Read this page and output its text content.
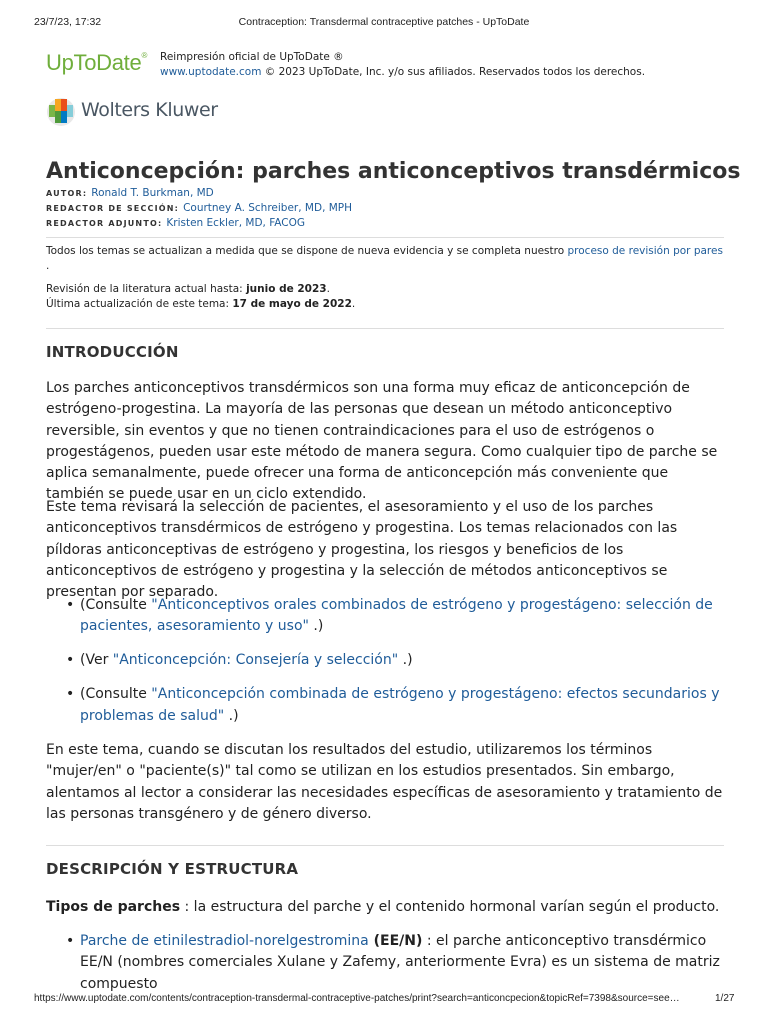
23/7/23, 17:32	Contraception: Transdermal contraceptive patches - UpToDate
UpToDate® Reimpresión oficial de UpToDate ®
www.uptodate.com © 2023 UpToDate, Inc. y/o sus afiliados. Reservados todos los derechos.
Wolters Kluwer
Anticoncepción: parches anticonceptivos transdérmicos
AUTOR: Ronald T. Burkman, MD
REDACTOR DE SECCIÓN: Courtney A. Schreiber, MD, MPH
REDACTOR ADJUNTO: Kristen Eckler, MD, FACOG
Todos los temas se actualizan a medida que se dispone de nueva evidencia y se completa nuestro proceso de revisión por pares .
Revisión de la literatura actual hasta: junio de 2023.
Última actualización de este tema: 17 de mayo de 2022.
INTRODUCCIÓN
Los parches anticonceptivos transdérmicos son una forma muy eficaz de anticoncepción de estrógeno-progestina. La mayoría de las personas que desean un método anticonceptivo reversible, sin eventos y que no tienen contraindicaciones para el uso de estrógenos o progestágenos, pueden usar este método de manera segura. Como cualquier tipo de parche se aplica semanalmente, puede ofrecer una forma de anticoncepción más conveniente que también se puede usar en un ciclo extendido.
Este tema revisará la selección de pacientes, el asesoramiento y el uso de los parches anticonceptivos transdérmicos de estrógeno y progestina. Los temas relacionados con las píldoras anticonceptivas de estrógeno y progestina, los riesgos y beneficios de los anticonceptivos de estrógeno y progestina y la selección de métodos anticonceptivos se presentan por separado.
• (Consulte "Anticonceptivos orales combinados de estrógeno y progestágeno: selección de pacientes, asesoramiento y uso" .)
• (Ver "Anticoncepción: Consejería y selección" .)
• (Consulte "Anticoncepción combinada de estrógeno y progestágeno: efectos secundarios y problemas de salud" .)
En este tema, cuando se discutan los resultados del estudio, utilizaremos los términos "mujer/en" o "paciente(s)" tal como se utilizan en los estudios presentados. Sin embargo, alentamos al lector a considerar las necesidades específicas de asesoramiento y tratamiento de las personas transgénero y de género diverso.
DESCRIPCIÓN Y ESTRUCTURA
Tipos de parches : la estructura del parche y el contenido hormonal varían según el producto.
• Parche de etinilestradiol-norelgestromina (EE/N) : el parche anticonceptivo transdérmico EE/N (nombres comerciales Xulane y Zafemy, anteriormente Evra) es un sistema de matriz compuesto
https://www.uptodate.com/contents/contraception-transdermal-contraceptive-patches/print?search=anticoncpecion&topicRef=7398&source=see…	1/27
